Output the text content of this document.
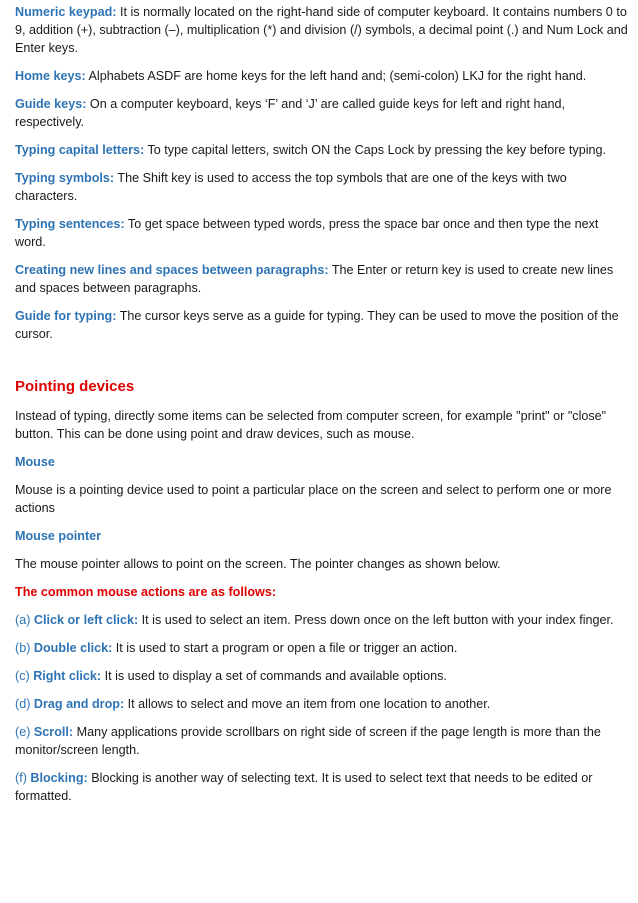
Numeric keypad: It is normally located on the right-hand side of computer keyboard. It contains numbers 0 to 9, addition (+), subtraction (–), multiplication (*) and division (/) symbols, a decimal point (.) and Num Lock and Enter keys.

Home keys: Alphabets ASDF are home keys for the left hand and; (semi-colon) LKJ for the right hand.

Guide keys: On a computer keyboard, keys ‘F’ and ‘J’ are called guide keys for left and right hand, respectively.

Typing capital letters: To type capital letters, switch ON the Caps Lock by pressing the key before typing.

Typing symbols: The Shift key is used to access the top symbols that are one of the keys with two characters.

Typing sentences: To get space between typed words, press the space bar once and then type the next word.

Creating new lines and spaces between paragraphs: The Enter or return key is used to create new lines and spaces between paragraphs.

Guide for typing: The cursor keys serve as a guide for typing. They can be used to move the position of the cursor.

Pointing devices

Instead of typing, directly some items can be selected from computer screen, for example "print" or "close" button. This can be done using point and draw devices, such as mouse.

Mouse

Mouse is a pointing device used to point a particular place on the screen and select to perform one or more actions

Mouse pointer

The mouse pointer allows to point on the screen. The pointer changes as shown below.

The common mouse actions are as follows:

(a) Click or left click: It is used to select an item. Press down once on the left button with your index finger.

(b) Double click: It is used to start a program or open a file or trigger an action.

(c) Right click: It is used to display a set of commands and available options.

(d) Drag and drop: It allows to select and move an item from one location to another.

(e) Scroll: Many applications provide scrollbars on right side of screen if the page length is more than the monitor/screen length.

(f) Blocking: Blocking is another way of selecting text. It is used to select text that needs to be edited or formatted.
